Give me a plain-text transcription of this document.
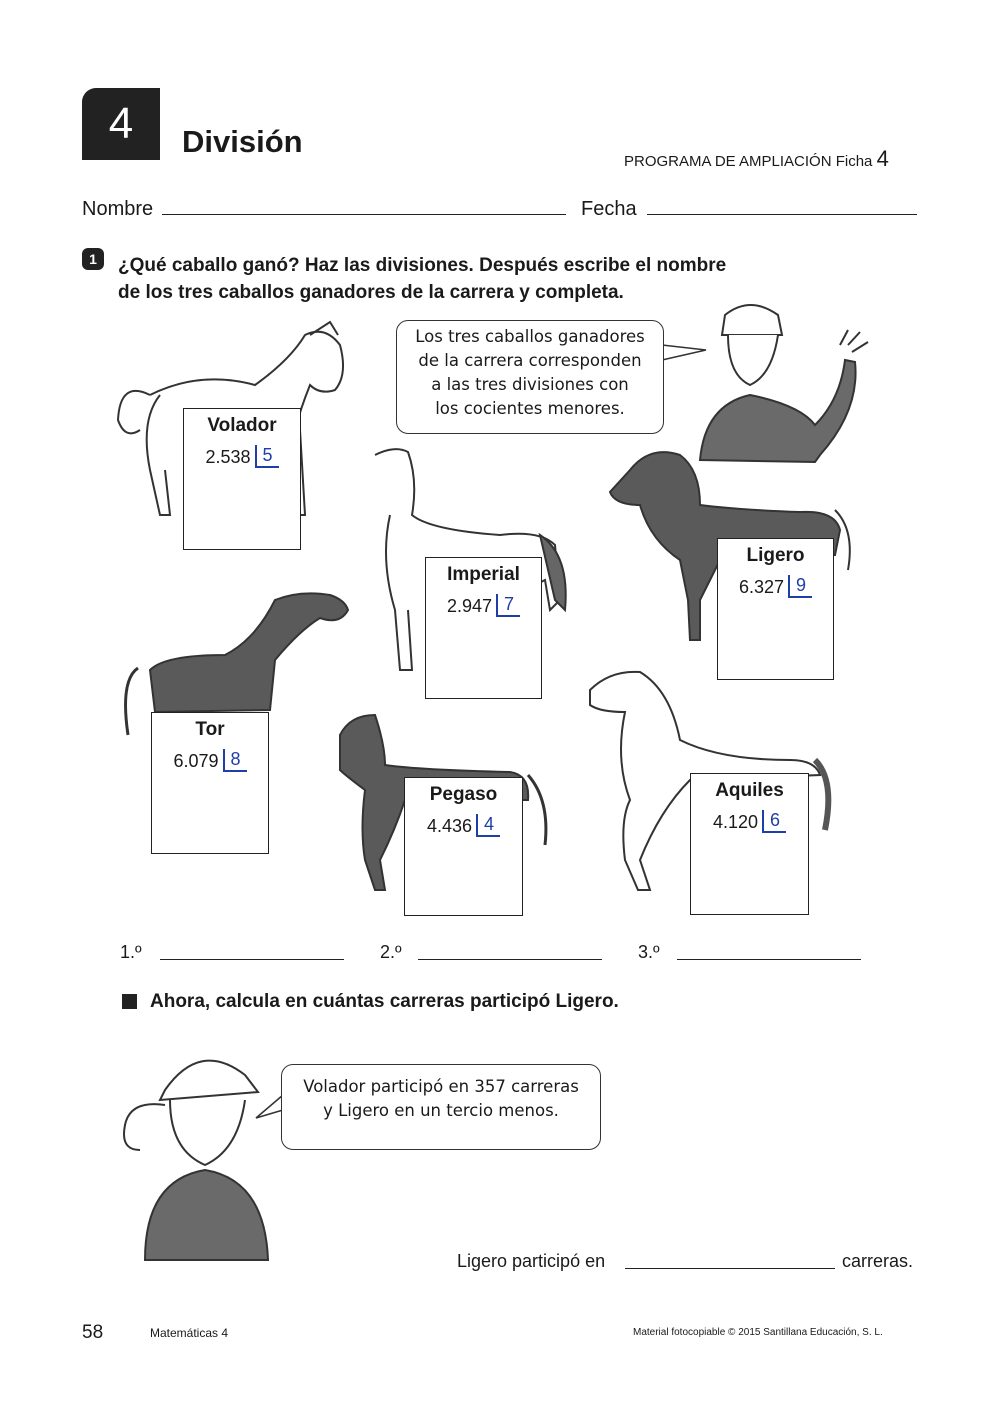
4	División
PROGRAMA DE AMPLIACIÓN Ficha 4
Nombre	Fecha
1	¿Qué caballo ganó? Haz las divisiones. Después escribe el nombre
de los tres caballos ganadores de la carrera y completa.
Los tres caballos ganadores
de la carrera corresponden
a las tres divisiones con
los cocientes menores.
Volador
2.538 5
Imperial
2.947 7
Ligero
6.327 9
Tor
6.079 8
Pegaso
4.436 4
Aquiles
4.120 6
1.º	2.º	3.º
Ahora, calcula en cuántas carreras participó Ligero.
Volador participó en 357 carreras
y Ligero en un tercio menos.
Ligero participó en	carreras.
58	Matemáticas 4	Material fotocopiable © 2015 Santillana Educación, S. L.
